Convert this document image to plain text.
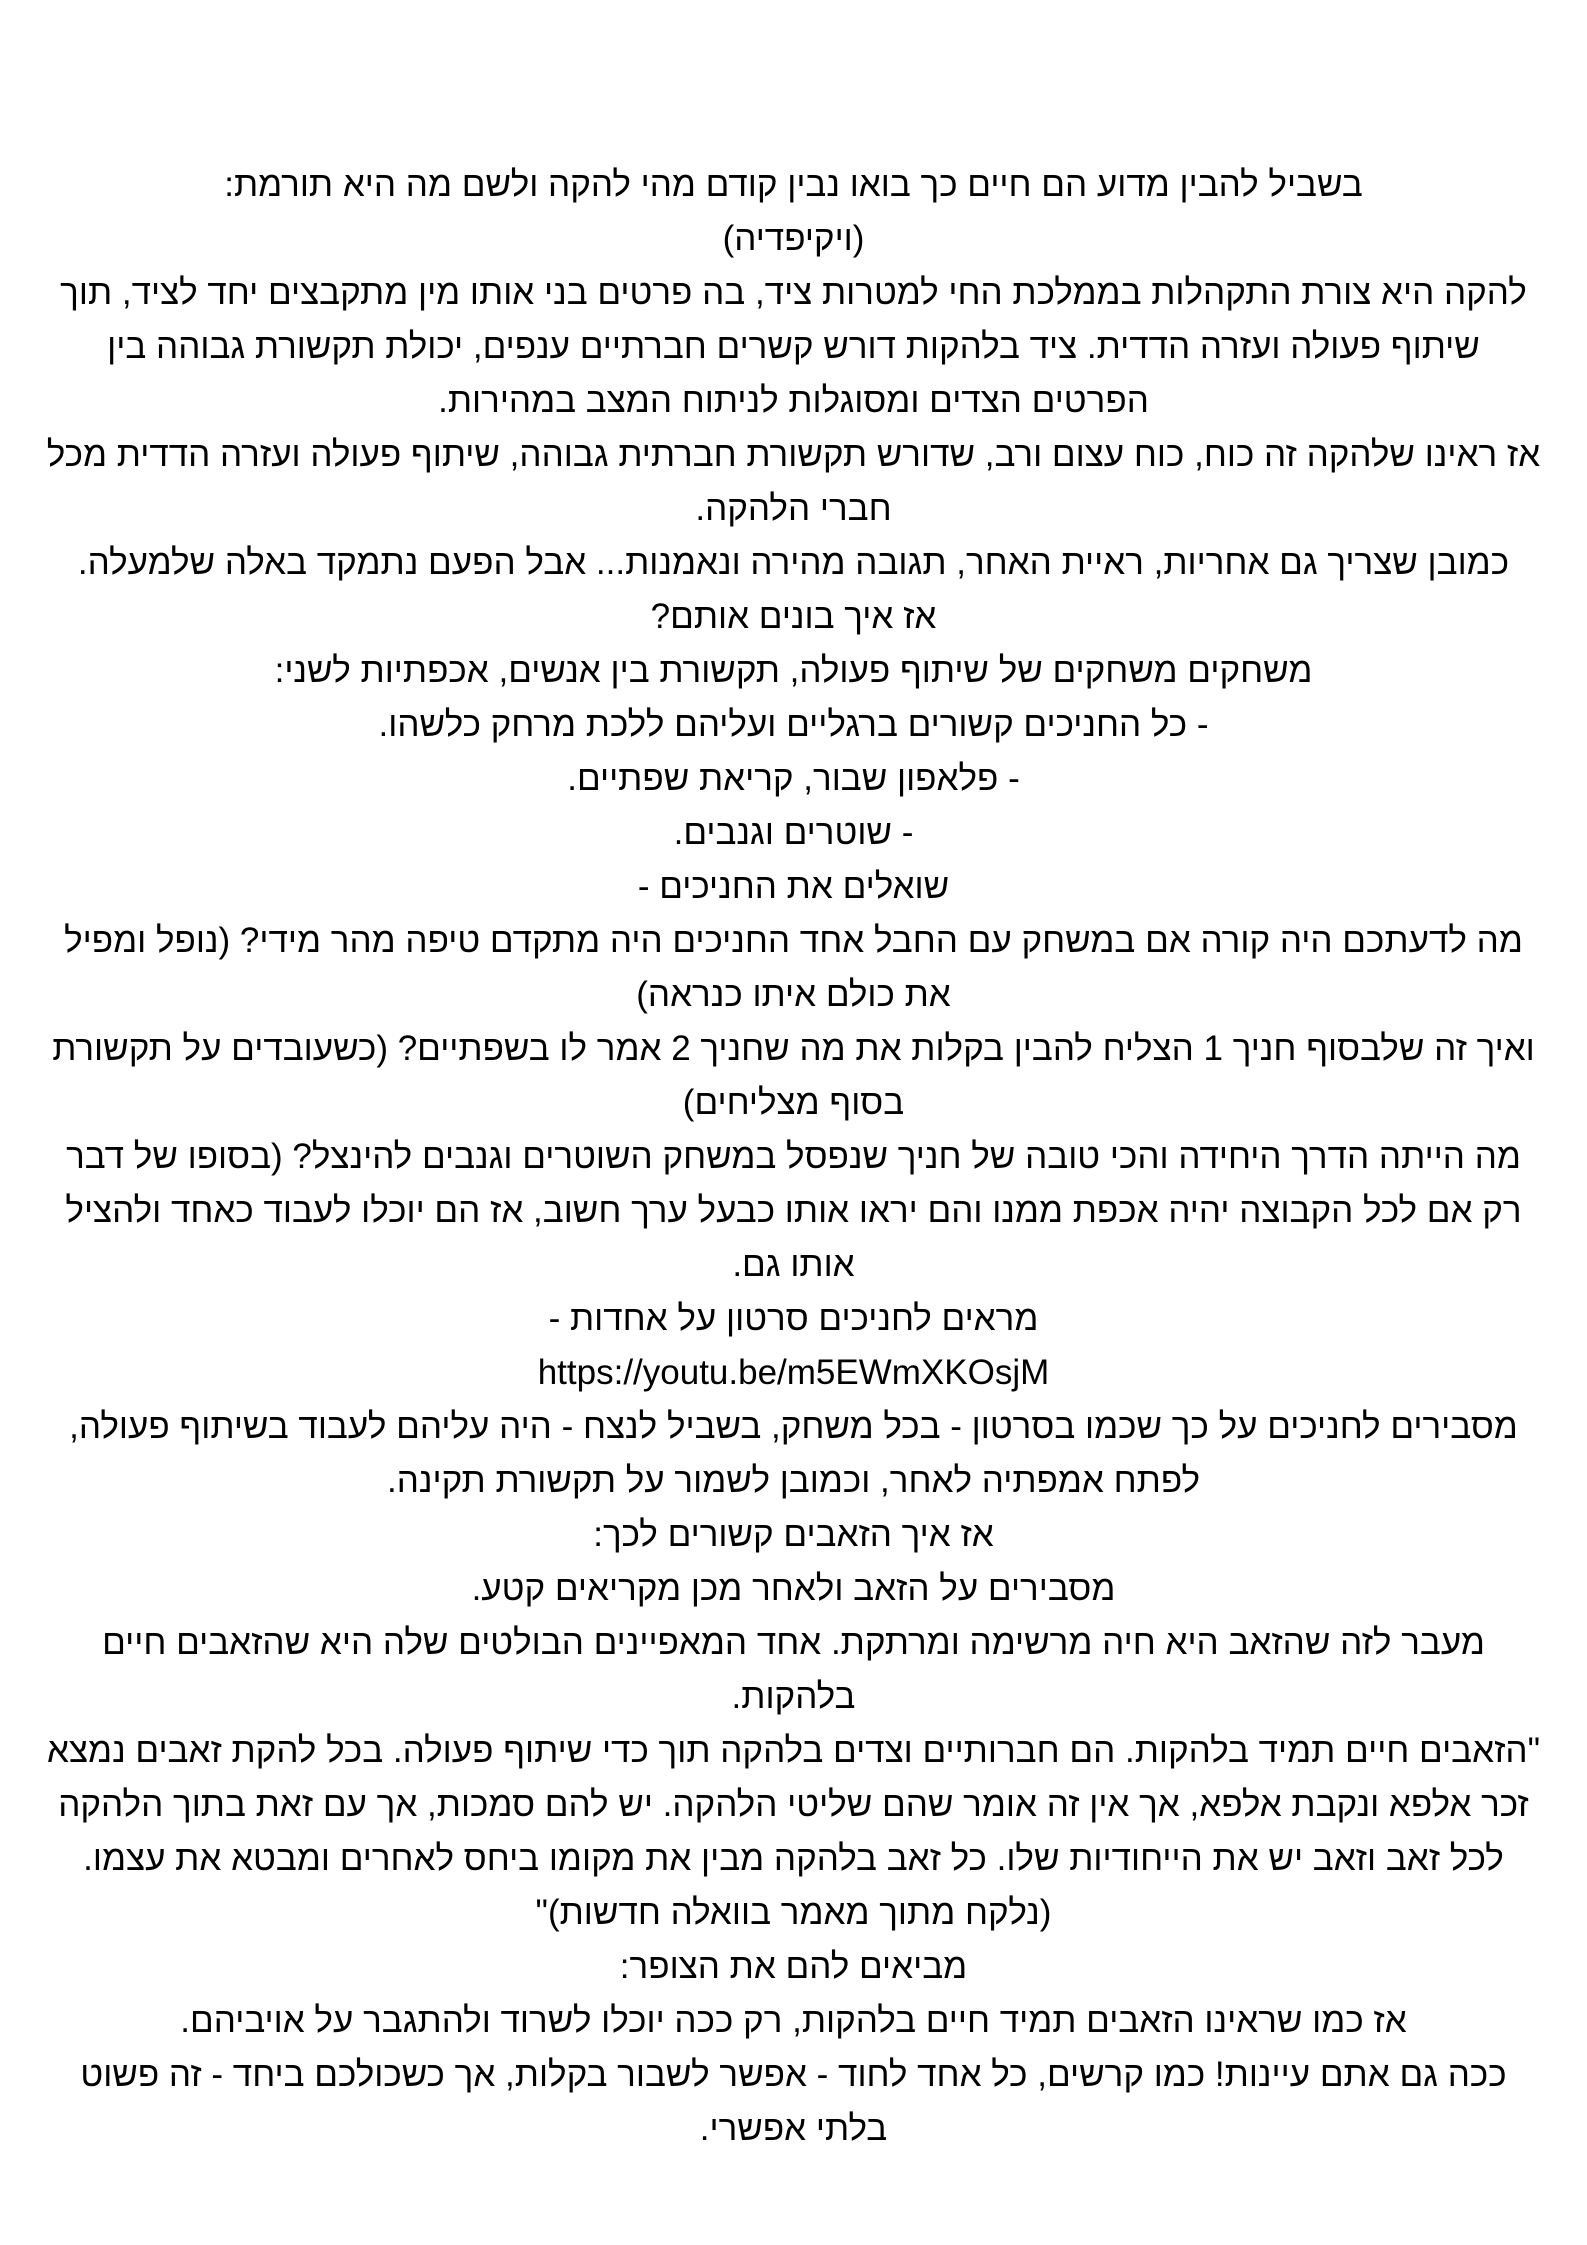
בשביל להבין מדוע הם חיים כך בואו נבין קודם מהי להקה ולשם מה היא תורמת:

(ויקיפדיה)

להקה היא צורת התקהלות בממלכת החי למטרות ציד, בה פרטים בני אותו מין מתקבצים יחד לציד, תוך שיתוף פעולה ועזרה הדדית. ציד בלהקות דורש קשרים חברתיים ענפים, יכולת תקשורת גבוהה בין הפרטים הצדים ומסוגלות לניתוח המצב במהירות.

אז ראינו שלהקה זה כוח, כוח עצום ורב, שדורש תקשורת חברתית גבוהה, שיתוף פעולה ועזרה הדדית מכל חברי הלהקה.

כמובן שצריך גם אחריות, ראיית האחר, תגובה מהירה ונאמנות... אבל הפעם נתמקד באלה שלמעלה.

אז איך בונים אותם?

משחקים משחקים של שיתוף פעולה, תקשורת בין אנשים, אכפתיות לשני:

- כל החניכים קשורים ברגליים ועליהם ללכת מרחק כלשהו.

- פלאפון שבור, קריאת שפתיים.

- שוטרים וגנבים.

שואלים את החניכים -

מה לדעתכם היה קורה אם במשחק עם החבל אחד החניכים היה מתקדם טיפה מהר מידי? (נופל ומפיל את כולם איתו כנראה)

ואיך זה שלבסוף חניך 1 הצליח להבין בקלות את מה שחניך 2 אמר לו בשפתיים? (כשעובדים על תקשורת בסוף מצליחים)

מה הייתה הדרך היחידה והכי טובה של חניך שנפסל במשחק השוטרים וגנבים להינצל? (בסופו של דבר רק אם לכל הקבוצה יהיה אכפת ממנו והם יראו אותו כבעל ערך חשוב, אז הם יוכלו לעבוד כאחד ולהציל אותו גם.

מראים לחניכים סרטון על אחדות -

https://youtu.be/m5EWmXKOsjM

מסבירים לחניכים על כך שכמו בסרטון - בכל משחק, בשביל לנצח - היה עליהם לעבוד בשיתוף פעולה, לפתח אמפתיה לאחר, וכמובן לשמור על תקשורת תקינה.

אז איך הזאבים קשורים לכך:

מסבירים על הזאב ולאחר מכן מקריאים קטע.

מעבר לזה שהזאב היא חיה מרשימה ומרתקת. אחד המאפיינים הבולטים שלה היא שהזאבים חיים בלהקות.

"הזאבים חיים תמיד בלהקות. הם חברותיים וצדים בלהקה תוך כדי שיתוף פעולה. בכל להקת זאבים נמצא זכר אלפא ונקבת אלפא, אך אין זה אומר שהם שליטי הלהקה. יש להם סמכות, אך עם זאת בתוך הלהקה לכל זאב וזאב יש את הייחודיות שלו. כל זאב בלהקה מבין את מקומו ביחס לאחרים ומבטא את עצמו.(נלקח מתוך מאמר בוואלה חדשות)"

מביאים להם את הצופר:

אז כמו שראינו הזאבים תמיד חיים בלהקות, רק ככה יוכלו לשרוד ולהתגבר על אויביהם.

ככה גם אתם עיינות! כמו קרשים, כל אחד לחוד - אפשר לשבור בקלות, אך כשכולכם ביחד - זה פשוט בלתי אפשרי.
